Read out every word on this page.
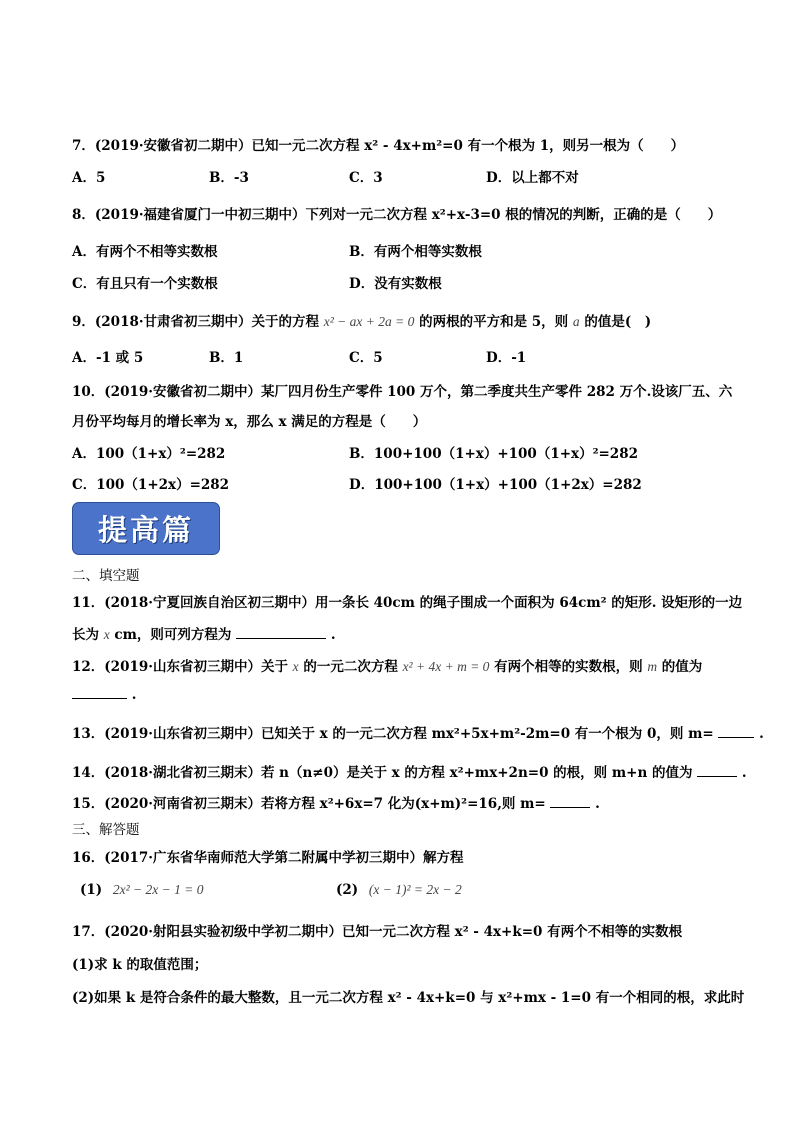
7．(2019·安徽省初二期中）已知一元二次方程 x² - 4x+m²=0 有一个根为 1，则另一根为（　　）
A．5	B．-3	C．3	D．以上都不对
8．(2019·福建省厦门一中初三期中）下列对一元二次方程 x²+x-3=0 根的情况的判断，正确的是（　　）
A．有两个不相等实数根	B．有两个相等实数根
C．有且只有一个实数根	D．没有实数根
9．(2018·甘肃省初三期中）关于的方程 x² − ax + 2a = 0 的两根的平方和是 5，则 a 的值是(　)
A．-1 或 5	B．1	C．5	D．-1
10．(2019·安徽省初二期中）某厂四月份生产零件 100 万个，第二季度共生产零件 282 万个.设该厂五、六
月份平均每月的增长率为 x，那么 x 满足的方程是（　　）
A．100（1+x）²=282	B．100+100（1+x）+100（1+x）²=282
C．100（1+2x）=282	D．100+100（1+x）+100（1+2x）=282
提高篇
二、填空题
11．(2018·宁夏回族自治区初三期中）用一条长 40cm 的绳子围成一个面积为 64cm² 的矩形. 设矩形的一边
长为 x cm，则可列方程为	.
12．(2019·山东省初三期中）关于 x 的一元二次方程 x² + 4x + m = 0 有两个相等的实数根，则 m 的值为
.
13．(2019·山东省初三期中）已知关于 x 的一元二次方程 mx²+5x+m²-2m=0 有一个根为 0，则 m=	.
14．(2018·湖北省初三期末）若 n（n≠0）是关于 x 的方程 x²+mx+2n=0 的根，则 m+n 的值为	.
15．(2020·河南省初三期末）若将方程 x²+6x=7 化为(x+m)²=16,则 m=	.
三、解答题
16．(2017·广东省华南师范大学第二附属中学初三期中）解方程
(1) 2x² − 2x − 1 = 0	(2) (x − 1)² = 2x − 2
17．(2020·射阳县实验初级中学初二期中）已知一元二次方程 x² - 4x+k=0 有两个不相等的实数根
(1)求 k 的取值范围；
(2)如果 k 是符合条件的最大整数，且一元二次方程 x² - 4x+k=0 与 x²+mx - 1=0 有一个相同的根，求此时
